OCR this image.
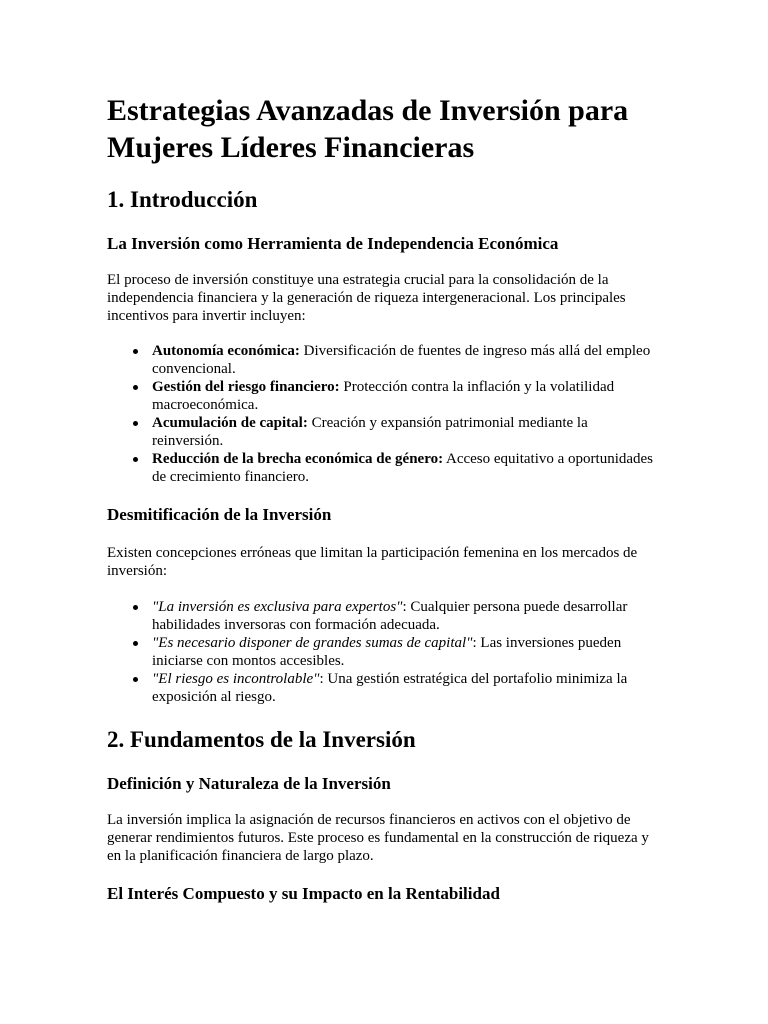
Estrategias Avanzadas de Inversión para Mujeres Líderes Financieras
1. Introducción
La Inversión como Herramienta de Independencia Económica

El proceso de inversión constituye una estrategia crucial para la consolidación de la independencia financiera y la generación de riqueza intergeneracional. Los principales incentivos para invertir incluyen:

Autonomía económica: Diversificación de fuentes de ingreso más allá del empleo convencional.
Gestión del riesgo financiero: Protección contra la inflación y la volatilidad macroeconómica.
Acumulación de capital: Creación y expansión patrimonial mediante la reinversión.
Reducción de la brecha económica de género: Acceso equitativo a oportunidades de crecimiento financiero.
Desmitificación de la Inversión

Existen concepciones erróneas que limitan la participación femenina en los mercados de inversión:

"La inversión es exclusiva para expertos": Cualquier persona puede desarrollar habilidades inversoras con formación adecuada.
"Es necesario disponer de grandes sumas de capital": Las inversiones pueden iniciarse con montos accesibles.
"El riesgo es incontrolable": Una gestión estratégica del portafolio minimiza la exposición al riesgo.
2. Fundamentos de la Inversión
Definición y Naturaleza de la Inversión

La inversión implica la asignación de recursos financieros en activos con el objetivo de generar rendimientos futuros. Este proceso es fundamental en la construcción de riqueza y en la planificación financiera de largo plazo.

El Interés Compuesto y su Impacto en la Rentabilidad
